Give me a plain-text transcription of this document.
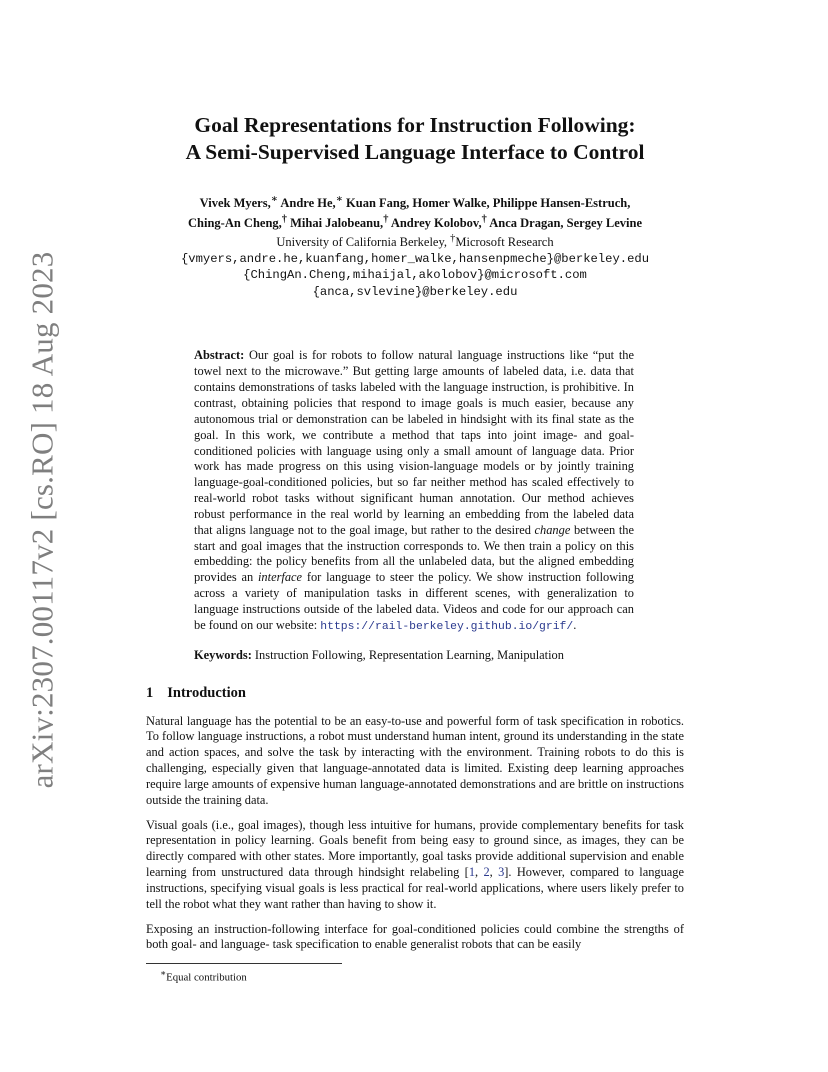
arXiv:2307.00117v2 [cs.RO] 18 Aug 2023
Goal Representations for Instruction Following:
A Semi-Supervised Language Interface to Control
Vivek Myers,∗ Andre He,∗ Kuan Fang, Homer Walke, Philippe Hansen-Estruch,
Ching-An Cheng,† Mihai Jalobeanu,† Andrey Kolobov,† Anca Dragan, Sergey Levine
University of California Berkeley, †Microsoft Research
{vmyers,andre.he,kuanfang,homer_walke,hansenpmeche}@berkeley.edu
{ChingAn.Cheng,mihaijal,akolobov}@microsoft.com
{anca,svlevine}@berkeley.edu

Abstract: Our goal is for robots to follow natural language instructions like “put the towel next to the microwave.” But getting large amounts of labeled data, i.e. data that contains demonstrations of tasks labeled with the language instruction, is prohibitive. In contrast, obtaining policies that respond to image goals is much easier, because any autonomous trial or demonstration can be labeled in hindsight with its final state as the goal. In this work, we contribute a method that taps into joint image- and goal- conditioned policies with language using only a small amount of language data. Prior work has made progress on this using vision-language models or by jointly training language-goal-conditioned policies, but so far neither method has scaled effectively to real-world robot tasks without significant human annotation. Our method achieves robust performance in the real world by learning an embedding from the labeled data that aligns language not to the goal image, but rather to the desired change between the start and goal images that the instruction corresponds to. We then train a policy on this embedding: the policy benefits from all the unlabeled data, but the aligned embedding provides an interface for language to steer the policy. We show instruction following across a variety of manipulation tasks in different scenes, with generalization to language instructions outside of the labeled data. Videos and code for our approach can be found on our website: https://rail-berkeley.github.io/grif/.

Keywords: Instruction Following, Representation Learning, Manipulation

1 Introduction

Natural language has the potential to be an easy-to-use and powerful form of task specification in robotics. To follow language instructions, a robot must understand human intent, ground its understanding in the state and action spaces, and solve the task by interacting with the environment. Training robots to do this is challenging, especially given that language-annotated data is limited. Existing deep learning approaches require large amounts of expensive human language-annotated demonstrations and are brittle on instructions outside the training data.

Visual goals (i.e., goal images), though less intuitive for humans, provide complementary benefits for task representation in policy learning. Goals benefit from being easy to ground since, as images, they can be directly compared with other states. More importantly, goal tasks provide additional supervision and enable learning from unstructured data through hindsight relabeling [1, 2, 3]. However, compared to language instructions, specifying visual goals is less practical for real-world applications, where users likely prefer to tell the robot what they want rather than having to show it.

Exposing an instruction-following interface for goal-conditioned policies could combine the strengths of both goal- and language- task specification to enable generalist robots that can be easily

∗Equal contribution
